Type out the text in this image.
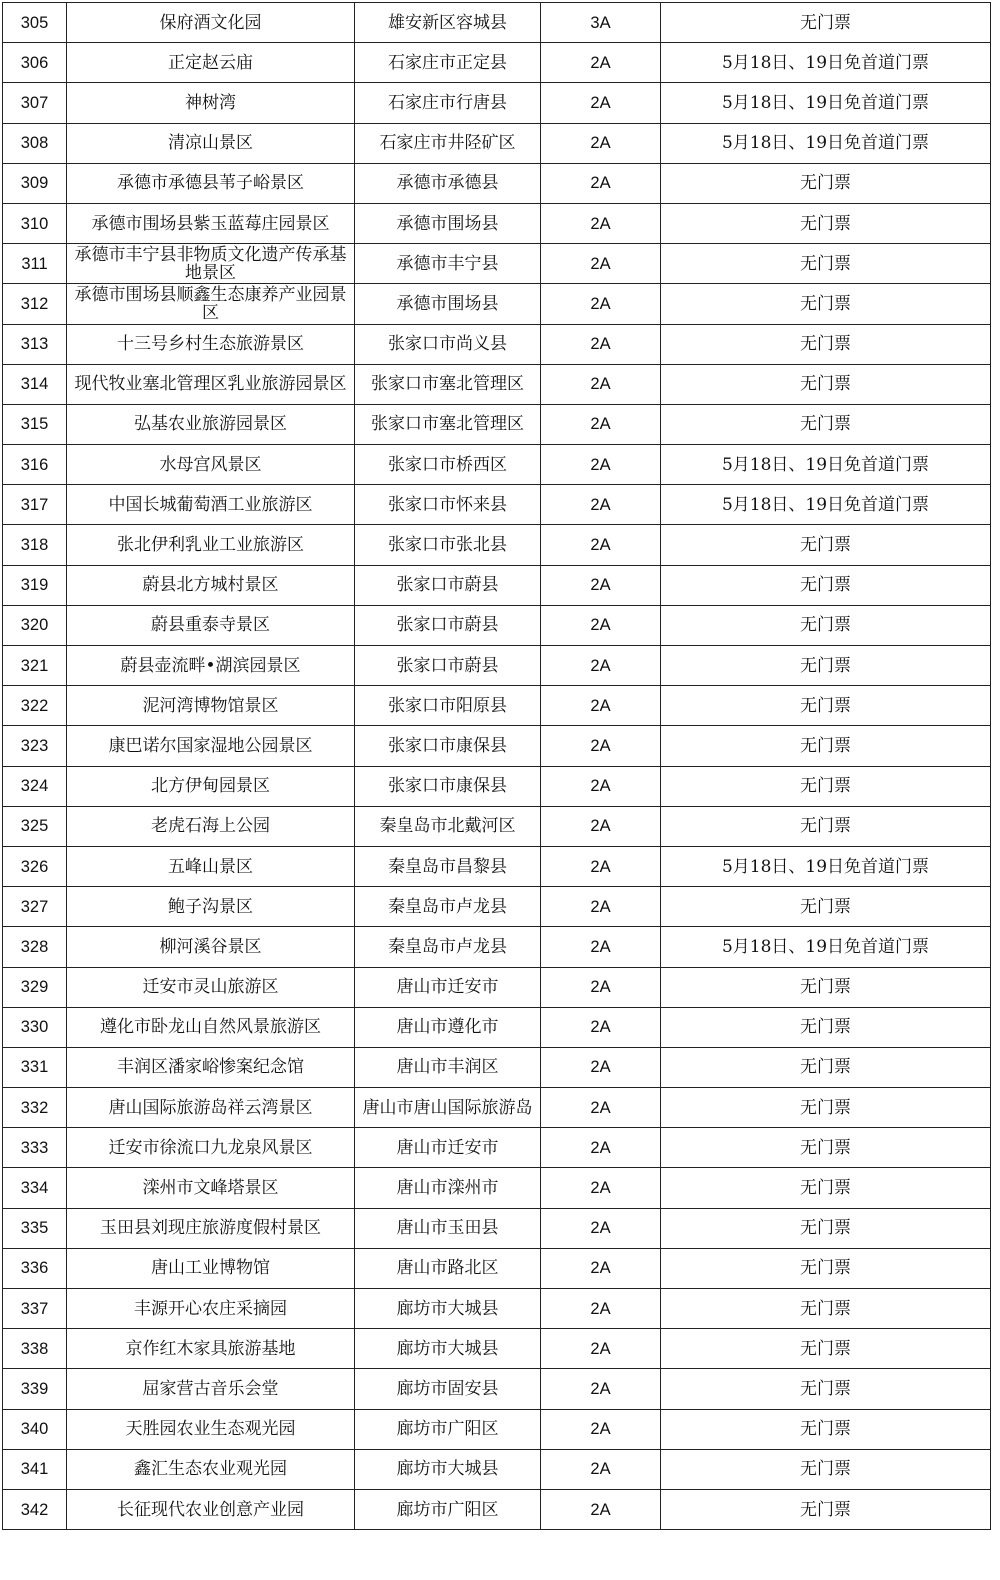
305	保府酒文化园	雄安新区容城县	3A	无门票
306	正定赵云庙	石家庄市正定县	2A	5月18日、19日免首道门票
307	神树湾	石家庄市行唐县	2A	5月18日、19日免首道门票
308	清凉山景区	石家庄市井陉矿区	2A	5月18日、19日免首道门票
309	承德市承德县苇子峪景区	承德市承德县	2A	无门票
310	承德市围场县紫玉蓝莓庄园景区	承德市围场县	2A	无门票
311	承德市丰宁县非物质文化遗产传承基地景区	承德市丰宁县	2A	无门票
312	承德市围场县顺鑫生态康养产业园景区	承德市围场县	2A	无门票
313	十三号乡村生态旅游景区	张家口市尚义县	2A	无门票
314	现代牧业塞北管理区乳业旅游园景区	张家口市塞北管理区	2A	无门票
315	弘基农业旅游园景区	张家口市塞北管理区	2A	无门票
316	水母宫风景区	张家口市桥西区	2A	5月18日、19日免首道门票
317	中国长城葡萄酒工业旅游区	张家口市怀来县	2A	5月18日、19日免首道门票
318	张北伊利乳业工业旅游区	张家口市张北县	2A	无门票
319	蔚县北方城村景区	张家口市蔚县	2A	无门票
320	蔚县重泰寺景区	张家口市蔚县	2A	无门票
321	蔚县壶流畔•湖滨园景区	张家口市蔚县	2A	无门票
322	泥河湾博物馆景区	张家口市阳原县	2A	无门票
323	康巴诺尔国家湿地公园景区	张家口市康保县	2A	无门票
324	北方伊甸园景区	张家口市康保县	2A	无门票
325	老虎石海上公园	秦皇岛市北戴河区	2A	无门票
326	五峰山景区	秦皇岛市昌黎县	2A	5月18日、19日免首道门票
327	鲍子沟景区	秦皇岛市卢龙县	2A	无门票
328	柳河溪谷景区	秦皇岛市卢龙县	2A	5月18日、19日免首道门票
329	迁安市灵山旅游区	唐山市迁安市	2A	无门票
330	遵化市卧龙山自然风景旅游区	唐山市遵化市	2A	无门票
331	丰润区潘家峪惨案纪念馆	唐山市丰润区	2A	无门票
332	唐山国际旅游岛祥云湾景区	唐山市唐山国际旅游岛	2A	无门票
333	迁安市徐流口九龙泉风景区	唐山市迁安市	2A	无门票
334	滦州市文峰塔景区	唐山市滦州市	2A	无门票
335	玉田县刘现庄旅游度假村景区	唐山市玉田县	2A	无门票
336	唐山工业博物馆	唐山市路北区	2A	无门票
337	丰源开心农庄采摘园	廊坊市大城县	2A	无门票
338	京作红木家具旅游基地	廊坊市大城县	2A	无门票
339	屈家营古音乐会堂	廊坊市固安县	2A	无门票
340	天胜园农业生态观光园	廊坊市广阳区	2A	无门票
341	鑫汇生态农业观光园	廊坊市大城县	2A	无门票
342	长征现代农业创意产业园	廊坊市广阳区	2A	无门票
